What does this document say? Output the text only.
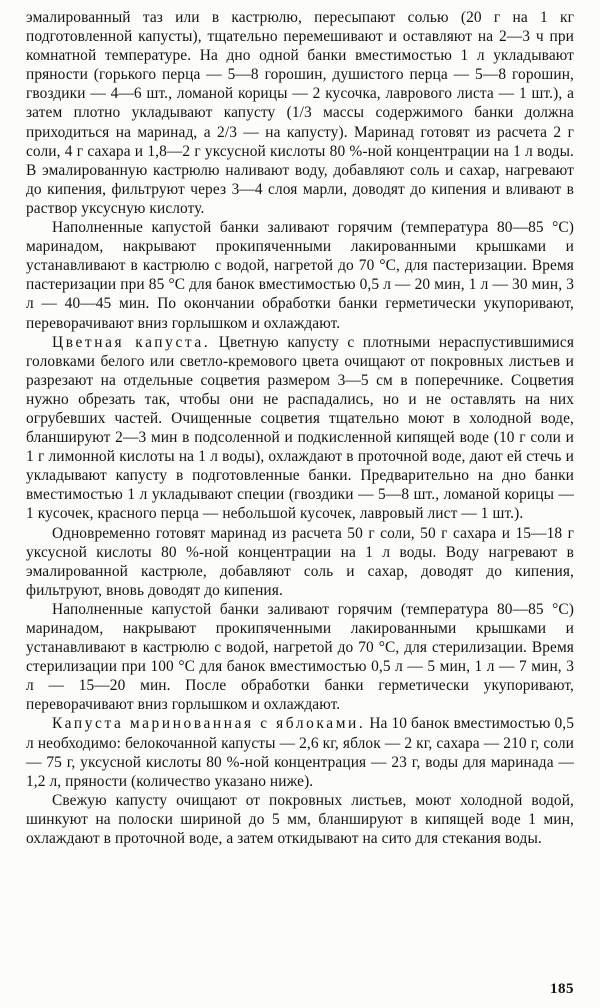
эмалированный таз или в кастрюлю, пересыпают солью (20 г на 1 кг подготовленной капусты), тщательно перемешивают и оставляют на 2—3 ч при комнатной температуре. На дно одной банки вместимостью 1 л укладывают пряности (горького перца — 5—8 горошин, душистого перца — 5—8 горошин, гвоздики — 4—6 шт., ломаной корицы — 2 кусочка, лаврового листа — 1 шт.), а затем плотно укладывают капусту (1/3 массы содержимого банки должна приходиться на маринад, а 2/3 — на капусту). Маринад готовят из расчета 2 г соли, 4 г сахара и 1,8—2 г уксусной кислоты 80 %-ной концентрации на 1 л воды. В эмалированную кастрюлю наливают воду, добавляют соль и сахар, нагревают до кипения, фильтруют через 3—4 слоя марли, доводят до кипения и вливают в раствор уксусную кислоту.

Наполненные капустой банки заливают горячим (температура 80—85 °C) маринадом, накрывают прокипяченными лакированными крышками и устанавливают в кастрюлю с водой, нагретой до 70 °C, для пастеризации. Время пастеризации при 85 °C для банок вместимостью 0,5 л — 20 мин, 1 л — 30 мин, 3 л — 40—45 мин. По окончании обработки банки герметически укупоривают, переворачивают вниз горлышком и охлаждают.

Цветная капуста. Цветную капусту с плотными нераспустившимися головками белого или светло-кремового цвета очищают от покровных листьев и разрезают на отдельные соцветия размером 3—5 см в поперечнике. Соцветия нужно обрезать так, чтобы они не распадались, но и не оставлять на них огрубевших частей. Очищенные соцветия тщательно моют в холодной воде, бланшируют 2—3 мин в подсоленной и подкисленной кипящей воде (10 г соли и 1 г лимонной кислоты на 1 л воды), охлаждают в проточной воде, дают ей стечь и укладывают капусту в подготовленные банки. Предварительно на дно банки вместимостью 1 л укладывают специи (гвоздики — 5—8 шт., ломаной корицы — 1 кусочек, красного перца — небольшой кусочек, лавровый лист — 1 шт.).

Одновременно готовят маринад из расчета 50 г соли, 50 г сахара и 15—18 г уксусной кислоты 80 %-ной концентрации на 1 л воды. Воду нагревают в эмалированной кастрюле, добавляют соль и сахар, доводят до кипения, фильтруют, вновь доводят до кипения.

Наполненные капустой банки заливают горячим (температура 80—85 °C) маринадом, накрывают прокипяченными лакированными крышками и устанавливают в кастрюлю с водой, нагретой до 70 °C, для стерилизации. Время стерилизации при 100 °C для банок вместимостью 0,5 л — 5 мин, 1 л — 7 мин, 3 л — 15—20 мин. После обработки банки герметически укупоривают, переворачивают вниз горлышком и охлаждают.

Капуста маринованная с яблоками. На 10 банок вместимостью 0,5 л необходимо: белокочанной капусты — 2,6 кг, яблок — 2 кг, сахара — 210 г, соли — 75 г, уксусной кислоты 80 %-ной концентрация — 23 г, воды для маринада — 1,2 л, пряности (количество указано ниже).

Свежую капусту очищают от покровных листьев, моют холодной водой, шинкуют на полоски шириной до 5 мм, бланшируют в кипящей воде 1 мин, охлаждают в проточной воде, а затем откидывают на сито для стекания воды.

185
